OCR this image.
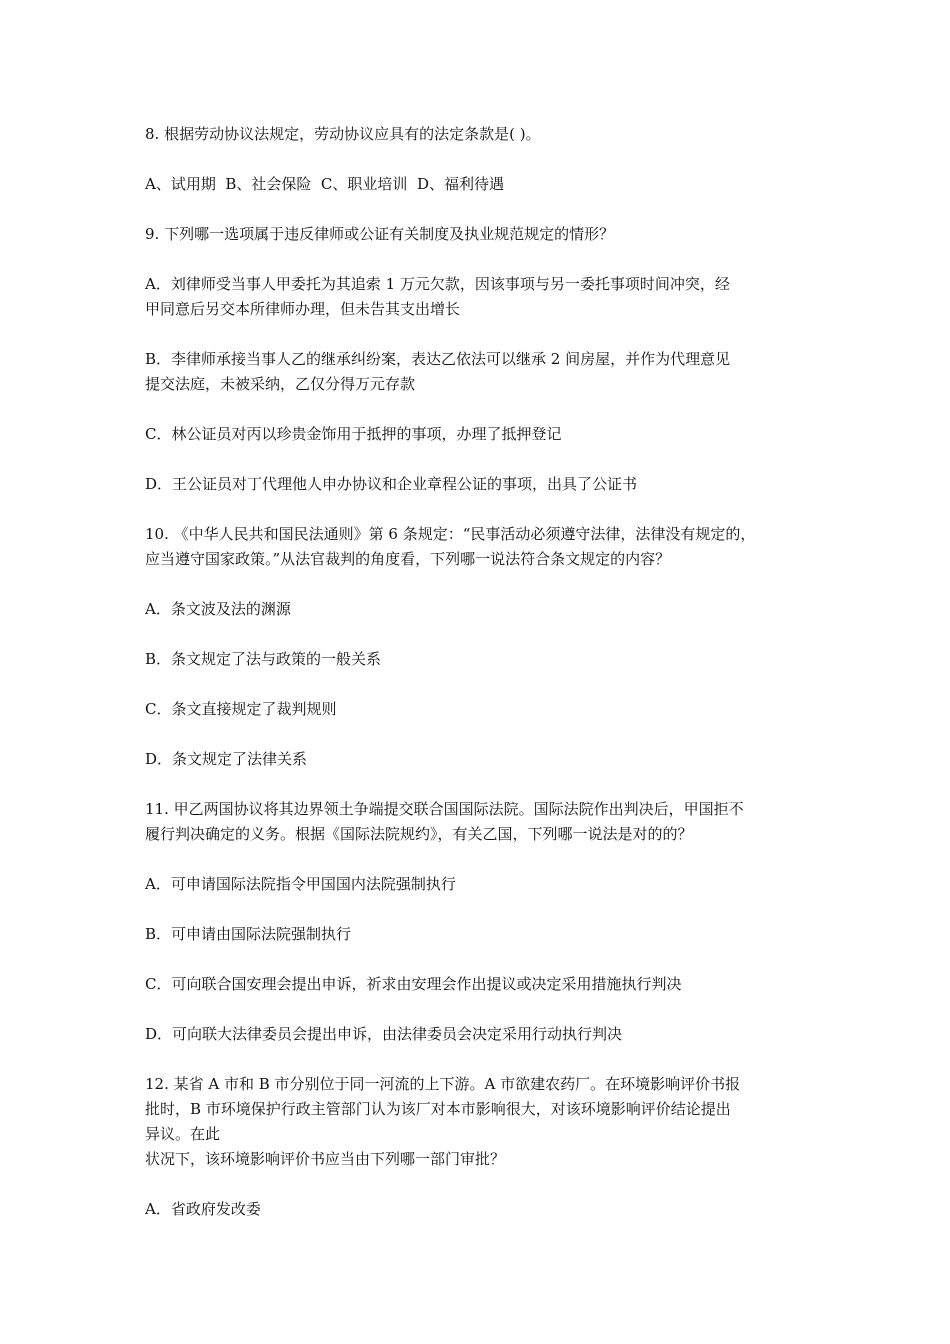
8. 根据劳动协议法规定，劳动协议应具有的法定条款是( )。

A、试用期  B、社会保险  C、职业培训  D、福利待遇

9. 下列哪一选项属于违反律师或公证有关制度及执业规范规定的情形？

A．刘律师受当事人甲委托为其追索 1 万元欠款，因该事项与另一委托事项时间冲突，经
甲同意后另交本所律师办理，但未告其支出增长

B．李律师承接当事人乙的继承纠纷案，表达乙依法可以继承 2 间房屋，并作为代理意见
提交法庭，未被采纳，乙仅分得万元存款

C．林公证员对丙以珍贵金饰用于抵押的事项，办理了抵押登记

D．王公证员对丁代理他人申办协议和企业章程公证的事项，出具了公证书

10. 《中华人民共和国民法通则》第 6 条规定：“民事活动必须遵守法律，法律没有规定的，
应当遵守国家政策。”从法官裁判的角度看，下列哪一说法符合条文规定的内容？

A．条文波及法的渊源

B．条文规定了法与政策的一般关系

C．条文直接规定了裁判规则

D．条文规定了法律关系

11. 甲乙两国协议将其边界领土争端提交联合国国际法院。国际法院作出判决后，甲国拒不
履行判决确定的义务。根据《国际法院规约》，有关乙国，下列哪一说法是对的的？

A．可申请国际法院指令甲国国内法院强制执行

B．可申请由国际法院强制执行

C．可向联合国安理会提出申诉，祈求由安理会作出提议或决定采用措施执行判决

D．可向联大法律委员会提出申诉，由法律委员会决定采用行动执行判决

12. 某省 A 市和 B 市分别位于同一河流的上下游。A 市欲建农药厂。在环境影响评价书报
批时，B 市环境保护行政主管部门认为该厂对本市影响很大，对该环境影响评价结论提出
异议。在此
状况下，该环境影响评价书应当由下列哪一部门审批？

A．省政府发改委
